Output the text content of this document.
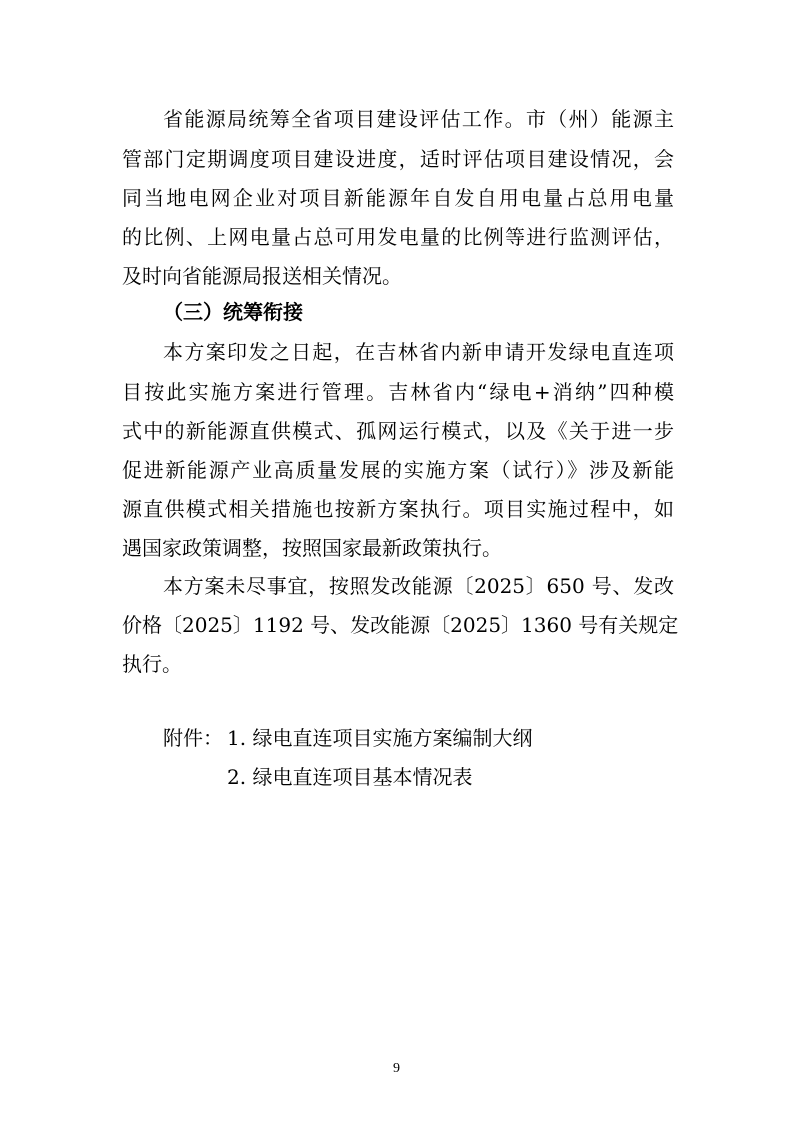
省能源局统筹全省项目建设评估工作。市（州）能源主
管部门定期调度项目建设进度，适时评估项目建设情况，会
同当地电网企业对项目新能源年自发自用电量占总用电量
的比例、上网电量占总可用发电量的比例等进行监测评估，
及时向省能源局报送相关情况。
（三）统筹衔接
本方案印发之日起，在吉林省内新申请开发绿电直连项
目按此实施方案进行管理。吉林省内“绿电+消纳”四种模
式中的新能源直供模式、孤网运行模式，以及《关于进一步
促进新能源产业高质量发展的实施方案（试行）》涉及新能
源直供模式相关措施也按新方案执行。项目实施过程中，如
遇国家政策调整，按照国家最新政策执行。
本方案未尽事宜，按照发改能源〔2025〕650 号、发改
价格〔2025〕1192 号、发改能源〔2025〕1360 号有关规定
执行。
附件： 1. 绿电直连项目实施方案编制大纲
2. 绿电直连项目基本情况表
9
